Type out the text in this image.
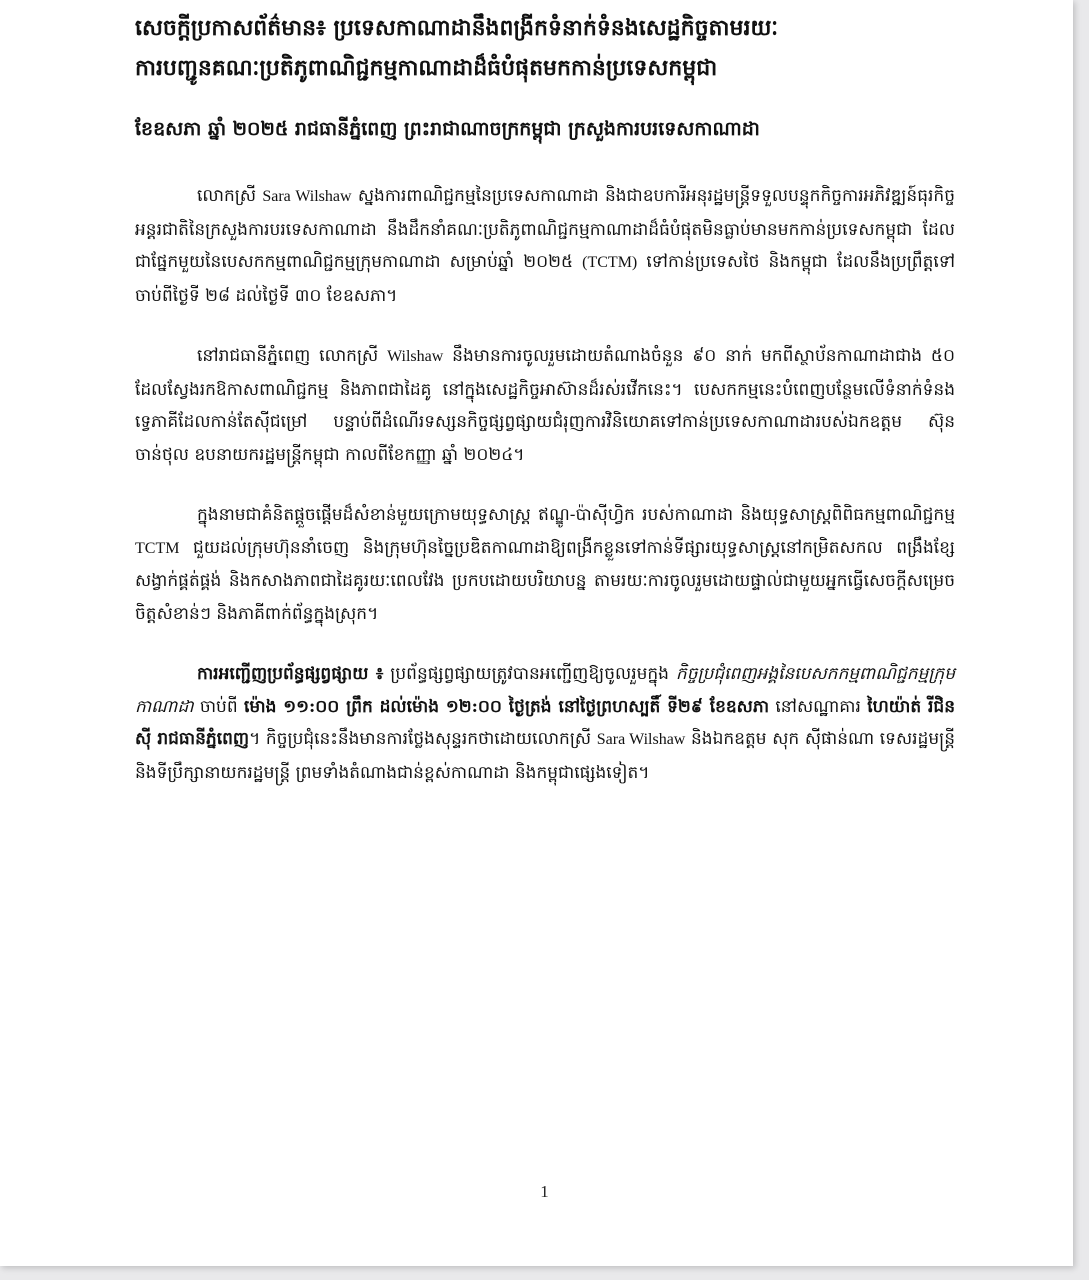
សេចក្តីប្រកាសព័ត៌មាន៖ ប្រទេសកាណាដានឹងពង្រីកទំនាក់ទំនងសេដ្ឋកិច្ចតាមរយៈ
ការបញ្ជូនគណៈប្រតិភូពាណិជ្ជកម្មកាណាដាដ៏ធំបំផុតមកកាន់ប្រទេសកម្ពុជា

ខែឧសភា ឆ្នាំ ២០២៥ រាជធានីភ្នំពេញ ព្រះរាជាណាចក្រកម្ពុជា ក្រសួងការបរទេសកាណាដា

លោកស្រី Sara Wilshaw ស្នងការពាណិជ្ជកម្មនៃប្រទេសកាណាដា និងជាឧបការីអនុរដ្ឋមន្ត្រីទទួលបន្ទុកកិច្ចការអភិវឌ្ឍន៍ធុរកិច្ចអន្តរជាតិនៃក្រសួងការបរទេសកាណាដា នឹងដឹកនាំគណៈប្រតិភូពាណិជ្ជកម្មកាណាដាដ៏ធំបំផុតមិនធ្លាប់មានមកកាន់ប្រទេសកម្ពុជា ដែលជាផ្នែកមួយនៃបេសកកម្មពាណិជ្ជកម្មក្រុមកាណាដា សម្រាប់ឆ្នាំ ២០២៥ (TCTM) ទៅកាន់ប្រទេសថៃ និងកម្ពុជា ដែលនឹងប្រព្រឹត្តទៅចាប់ពីថ្ងៃទី ២៨ ដល់ថ្ងៃទី ៣០ ខែឧសភា។

នៅរាជធានីភ្នំពេញ លោកស្រី Wilshaw នឹងមានការចូលរួមដោយតំណាងចំនួន ៩០ នាក់ មកពីស្ថាប័នកាណាដាជាង ៥០ ដែលស្វែងរកឱកាសពាណិជ្ជកម្ម និងភាពជាដៃគូ នៅក្នុងសេដ្ឋកិច្ចអាស៊ានដ៏រស់រវើកនេះ។ បេសកកម្មនេះបំពេញបន្ថែមលើទំនាក់ទំនងទ្វេភាគីដែលកាន់តែស៊ីជម្រៅ បន្ទាប់ពីដំណើរទស្សនកិច្ចផ្សព្វផ្សាយជំរុញការវិនិយោគទៅកាន់ប្រទេសកាណាដារបស់ឯកឧត្តម ស៊ុន ចាន់ថុល ឧបនាយករដ្ឋមន្ត្រីកម្ពុជា កាលពីខែកញ្ញា ឆ្នាំ ២០២៤។

ក្នុងនាមជាគំនិតផ្តួចផ្តើមដ៏សំខាន់មួយក្រោមយុទ្ធសាស្ត្រ ឥណ្ឌូ-ប៉ាស៊ីហ្វិក របស់កាណាដា និងយុទ្ធសាស្ត្រពិពិធកម្មពាណិជ្ជកម្ម TCTM ជួយដល់ក្រុមហ៊ុននាំចេញ និងក្រុមហ៊ុនច្នៃប្រឌិតកាណាដាឱ្យពង្រីកខ្លួនទៅកាន់ទីផ្សារយុទ្ធសាស្ត្រនៅកម្រិតសកល ពង្រឹងខ្សែសង្វាក់ផ្គត់ផ្គង់ និងកសាងភាពជាដៃគូរយៈពេលវែង ប្រកបដោយបរិយាបន្ន តាមរយៈការចូលរួមដោយផ្ទាល់ជាមួយអ្នកធ្វើសេចក្តីសម្រេចចិត្តសំខាន់ៗ និងភាគីពាក់ព័ន្ធក្នុងស្រុក។

ការអញ្ជើញប្រព័ន្ធផ្សព្វផ្សាយ ៖ ប្រព័ន្ធផ្សព្វផ្សាយត្រូវបានអញ្ជើញឱ្យចូលរួមក្នុង កិច្ចប្រជុំពេញអង្គនៃបេសកកម្មពាណិជ្ជកម្មក្រុមកាណាដា ចាប់ពី ម៉ោង ១១:០០ ព្រឹក ដល់ម៉ោង ១២:០០ ថ្ងៃត្រង់ នៅថ្ងៃព្រហស្បតិ៍ ទី២៩ ខែឧសភា នៅសណ្ឋាគារ ហៃយ៉ាត់ រីជិនស៊ី រាជធានីភ្នំពេញ។ កិច្ចប្រជុំនេះនឹងមានការថ្លែងសុន្ទរកថាដោយលោកស្រី Sara Wilshaw និងឯកឧត្តម សុក ស៊ីផាន់ណា ទេសរដ្ឋមន្ត្រី និងទីប្រឹក្សានាយករដ្ឋមន្ត្រី ព្រមទាំងតំណាងជាន់ខ្ពស់កាណាដា និងកម្ពុជាផ្សេងទៀត។

1
